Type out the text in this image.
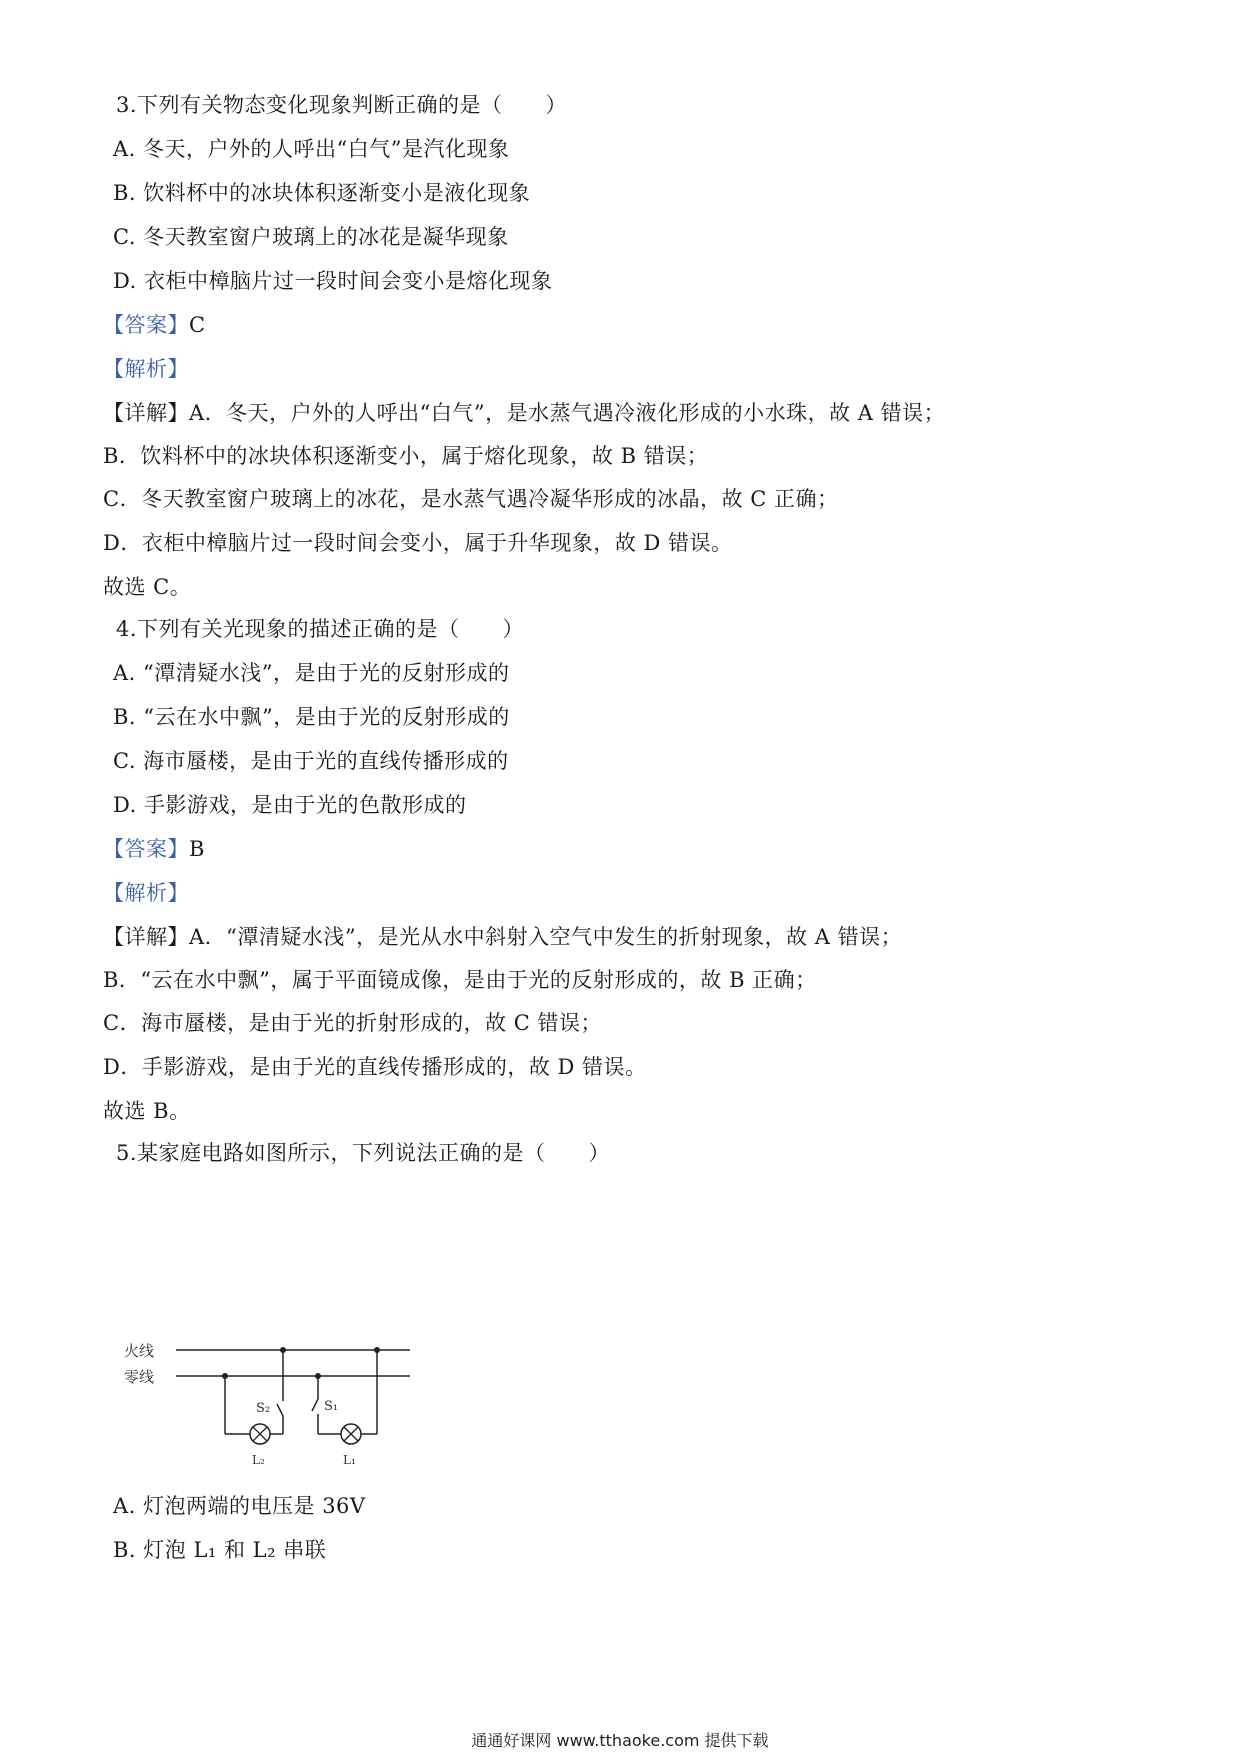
3.下列有关物态变化现象判断正确的是（　　）
A. 冬天，户外的人呼出“白气”是汽化现象
B. 饮料杯中的冰块体积逐渐变小是液化现象
C. 冬天教室窗户玻璃上的冰花是凝华现象
D. 衣柜中樟脑片过一段时间会变小是熔化现象
【答案】C
【解析】
【详解】A．冬天，户外的人呼出“白气”，是水蒸气遇冷液化形成的小水珠，故 A 错误；
B．饮料杯中的冰块体积逐渐变小，属于熔化现象，故 B 错误；
C．冬天教室窗户玻璃上的冰花，是水蒸气遇冷凝华形成的冰晶，故 C 正确；
D．衣柜中樟脑片过一段时间会变小，属于升华现象，故 D 错误。
故选 C。
4.下列有关光现象的描述正确的是（　　）
A. “潭清疑水浅”，是由于光的反射形成的
B. “云在水中飘”，是由于光的反射形成的
C. 海市蜃楼，是由于光的直线传播形成的
D. 手影游戏，是由于光的色散形成的
【答案】B
【解析】
【详解】A．“潭清疑水浅”，是光从水中斜射入空气中发生的折射现象，故 A 错误；
B．“云在水中飘”，属于平面镜成像，是由于光的反射形成的，故 B 正确；
C．海市蜃楼，是由于光的折射形成的，故 C 错误；
D．手影游戏，是由于光的直线传播形成的，故 D 错误。
故选 B。
5.某家庭电路如图所示，下列说法正确的是（　　）
火线
零线
S₂
L₂
S₁
L₁
A. 灯泡两端的电压是 36V
B. 灯泡 L₁ 和 L₂ 串联
通通好课网 www.tthaoke.com 提供下载
